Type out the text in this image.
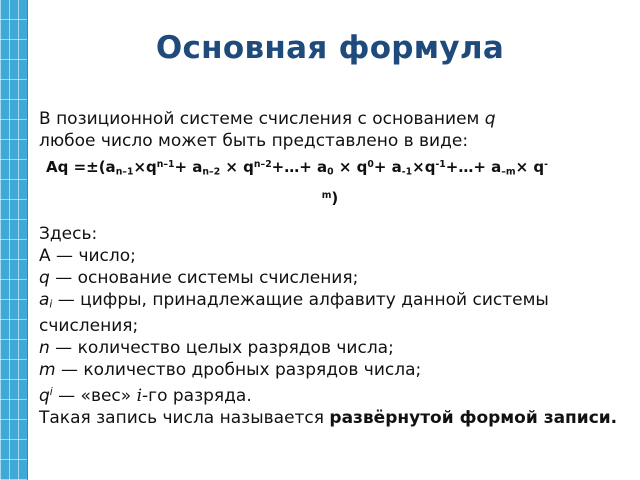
Основная формула

В позиционной системе счисления с основанием q
любое число может быть представлено в виде:

$Aq =\pm(a_{n-1}\times q^{n-1}+ a_{n-2}$ × $q^{n-2}+\dots+ a_0 \times q^0+$ $a_{-1}\times q^{-1}+\dots+ a_{-m}\times q^-$
$^m$)

Здесь:

A — число;

q — основание системы счисления;

$a_i$ — цифры, принадлежащие алфавиту данной системы счисления;

n — количество целых разрядов числа;

m — количество дробных разрядов числа;

$q^i$ — «вес» i-го разряда.

Такая запись числа называется развёрнутой формой записи.
